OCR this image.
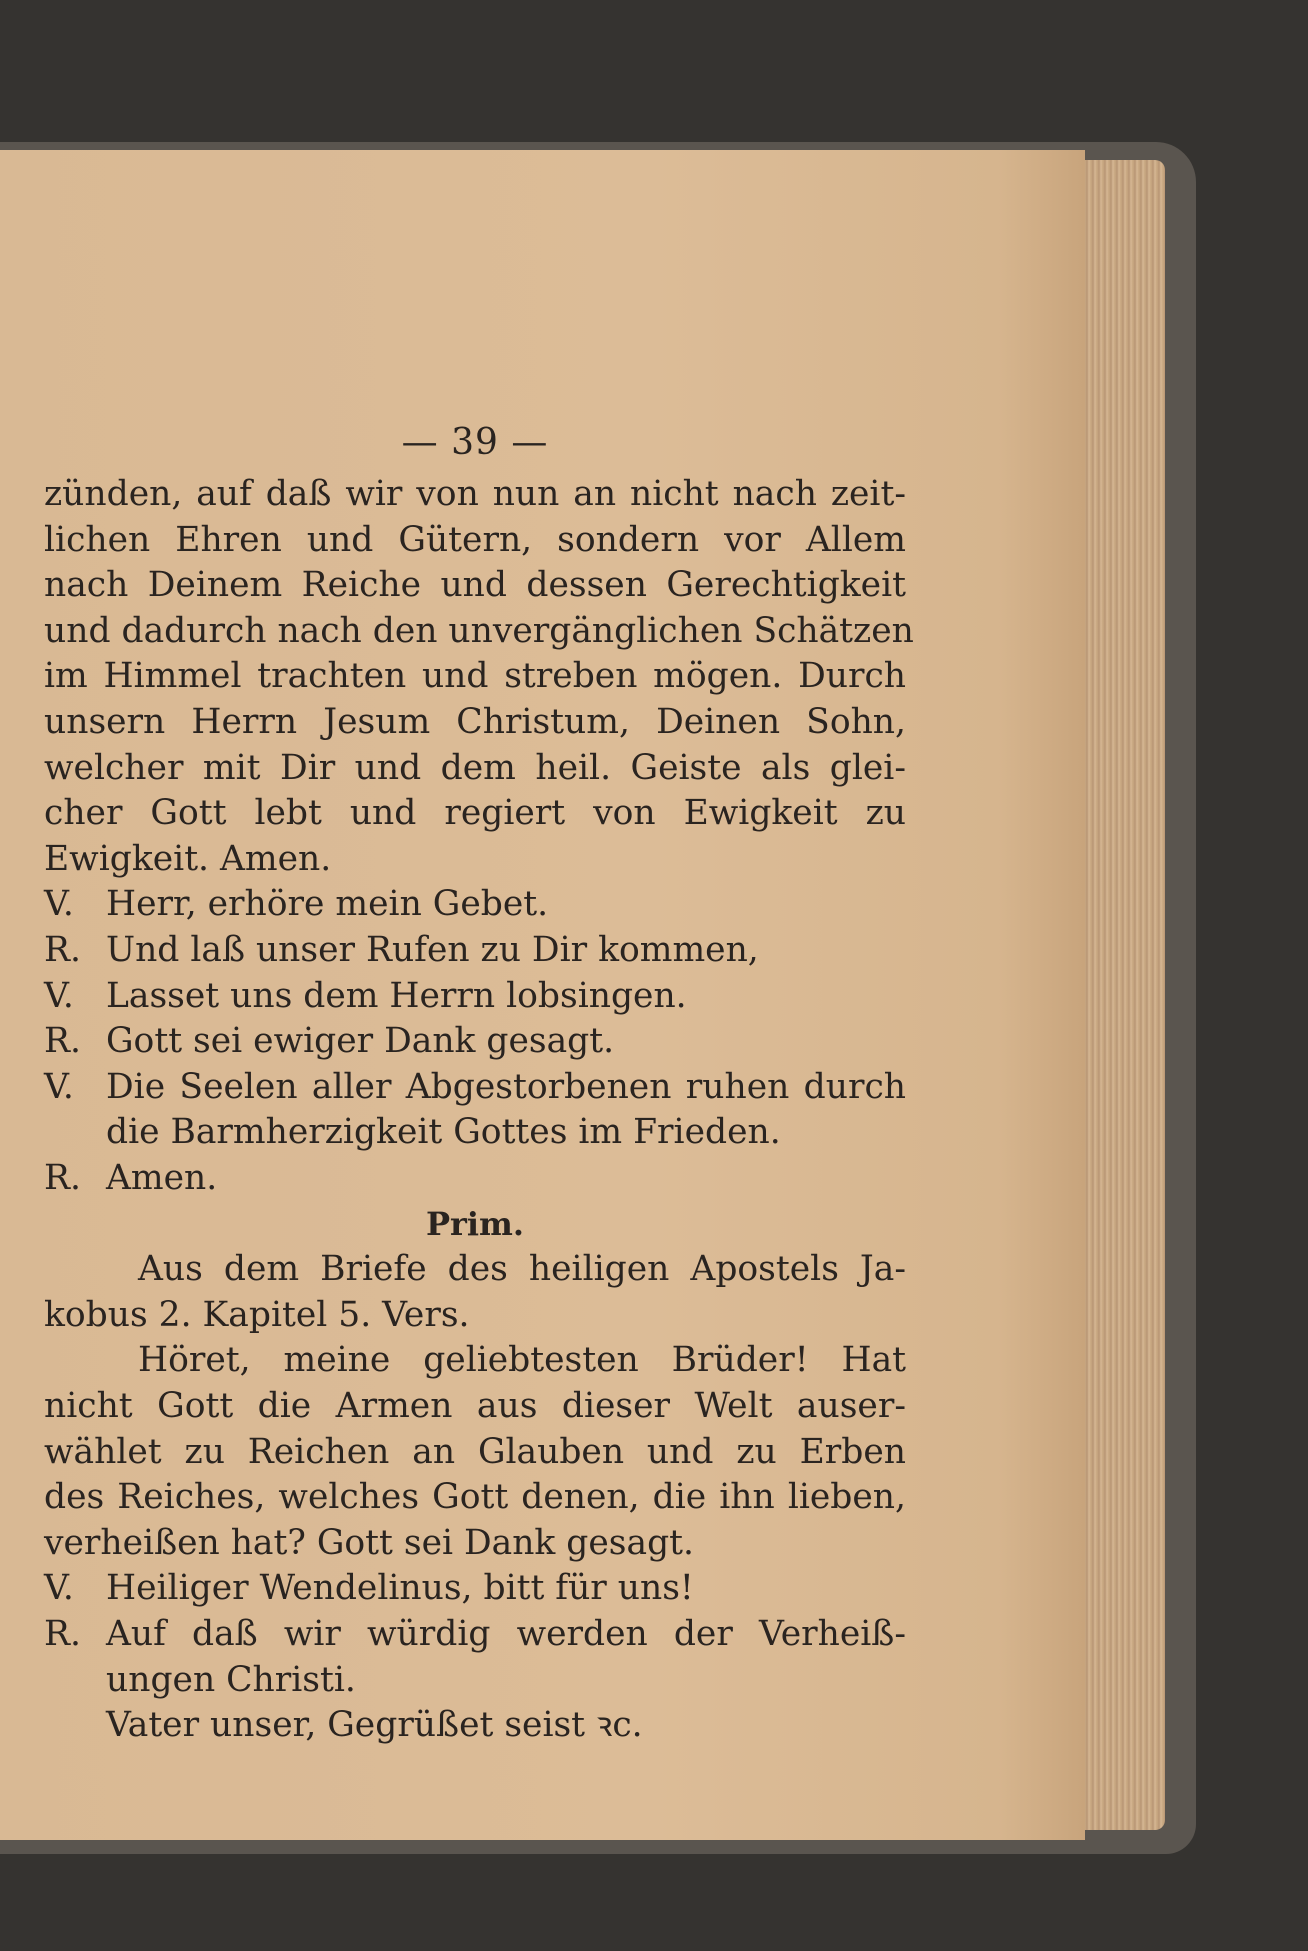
— 39 —
zünden, auf daß wir von nun an nicht nach zeit-
lichen Ehren und Gütern, sondern vor Allem
nach Deinem Reiche und dessen Gerechtigkeit
und dadurch nach den unvergänglichen Schätzen
im Himmel trachten und streben mögen. Durch
unsern Herrn Jesum Christum, Deinen Sohn,
welcher mit Dir und dem heil. Geiste als glei-
cher Gott lebt und regiert von Ewigkeit zu
Ewigkeit. Amen.
V. Herr, erhöre mein Gebet.
R. Und laß unser Rufen zu Dir kommen,
V. Lasset uns dem Herrn lobsingen.
R. Gott sei ewiger Dank gesagt.
V. Die Seelen aller Abgestorbenen ruhen durch
die Barmherzigkeit Gottes im Frieden.
R. Amen.
Prim.
Aus dem Briefe des heiligen Apostels Ja-
kobus 2. Kapitel 5. Vers.
Höret, meine geliebtesten Brüder! Hat
nicht Gott die Armen aus dieser Welt auser-
wählet zu Reichen an Glauben und zu Erben
des Reiches, welches Gott denen, die ihn lieben,
verheißen hat? Gott sei Dank gesagt.
V. Heiliger Wendelinus, bitt für uns!
R. Auf daß wir würdig werden der Verheiß-
ungen Christi.
Vater unser, Gegrüßet seist ꝛc.
